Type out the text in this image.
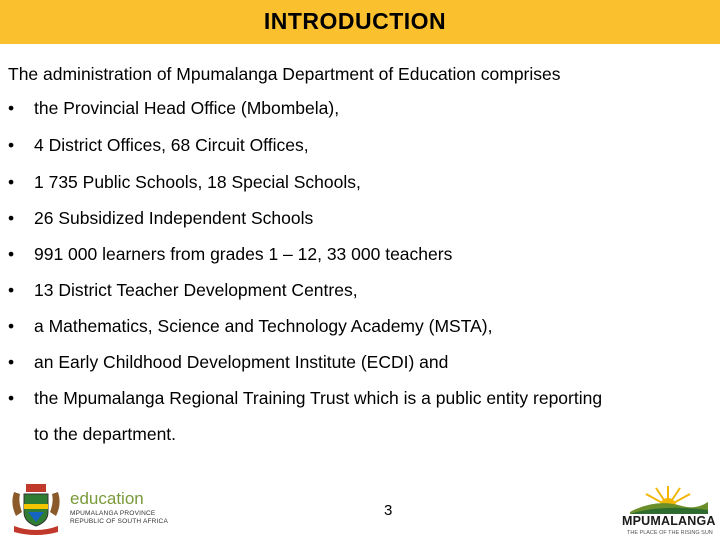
INTRODUCTION
The administration of Mpumalanga Department of Education comprises
• the Provincial Head Office (Mbombela),
• 4 District Offices, 68 Circuit Offices,
• 1 735 Public Schools, 18 Special Schools,
• 26 Subsidized Independent Schools
• 991 000 learners from grades 1 – 12, 33 000 teachers
• 13 District Teacher Development Centres,
• a Mathematics, Science and Technology Academy (MSTA),
• an Early Childhood Development Institute (ECDI) and
• the Mpumalanga Regional Training Trust which is a public entity reporting
to the department.
3
education
MPUMALANGA PROVINCE
REPUBLIC OF SOUTH AFRICA	MPUMALANGA
THE PLACE OF THE RISING SUN
